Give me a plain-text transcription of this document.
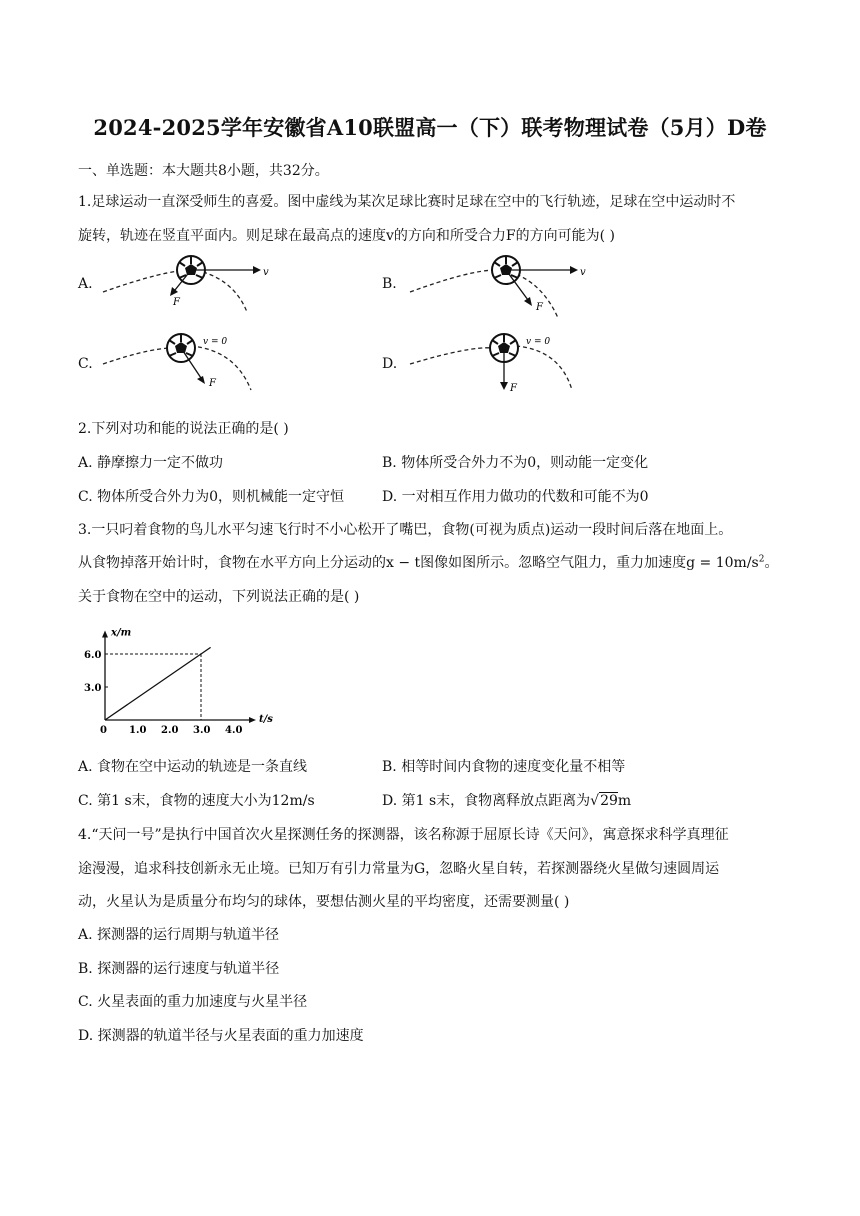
2024-2025学年安徽省A10联盟高一（下）联考物理试卷（5月）D卷
一、单选题：本大题共8小题，共32分。
1.足球运动一直深受师生的喜爱。图中虚线为某次足球比赛时足球在空中的飞行轨迹，足球在空中运动时不
旋转，轨迹在竖直平面内。则足球在最高点的速度v的方向和所受合力F的方向可能为( )
A.
v
F
B.
v
F
C.
v = 0
F
D.
v = 0
F
2.下列对功和能的说法正确的是( )
A. 静摩擦力一定不做功	B. 物体所受合外力不为0，则动能一定变化
C. 物体所受合外力为0，则机械能一定守恒	D. 一对相互作用力做功的代数和可能不为0
3.一只叼着食物的鸟儿水平匀速飞行时不小心松开了嘴巴，食物(可视为质点)运动一段时间后落在地面上。
从食物掉落开始计时，食物在水平方向上分运动的x − t图像如图所示。忽略空气阻力，重力加速度$g = 10m/s^2$。
关于食物在空中的运动，下列说法正确的是( )
x/m
t/s
0 1.0 2.0 3.0 4.0
3.0
6.0
A. 食物在空中运动的轨迹是一条直线	B. 相等时间内食物的速度变化量不相等
C. 第1 s末，食物的速度大小为12m/s	D. 第1 s末，食物离释放点距离为√29m
4.“天问一号”是执行中国首次火星探测任务的探测器，该名称源于屈原长诗《天问》，寓意探求科学真理征
途漫漫，追求科技创新永无止境。已知万有引力常量为G，忽略火星自转，若探测器绕火星做匀速圆周运
动，火星认为是质量分布均匀的球体，要想估测火星的平均密度，还需要测量( )
A. 探测器的运行周期与轨道半径
B. 探测器的运行速度与轨道半径
C. 火星表面的重力加速度与火星半径
D. 探测器的轨道半径与火星表面的重力加速度
